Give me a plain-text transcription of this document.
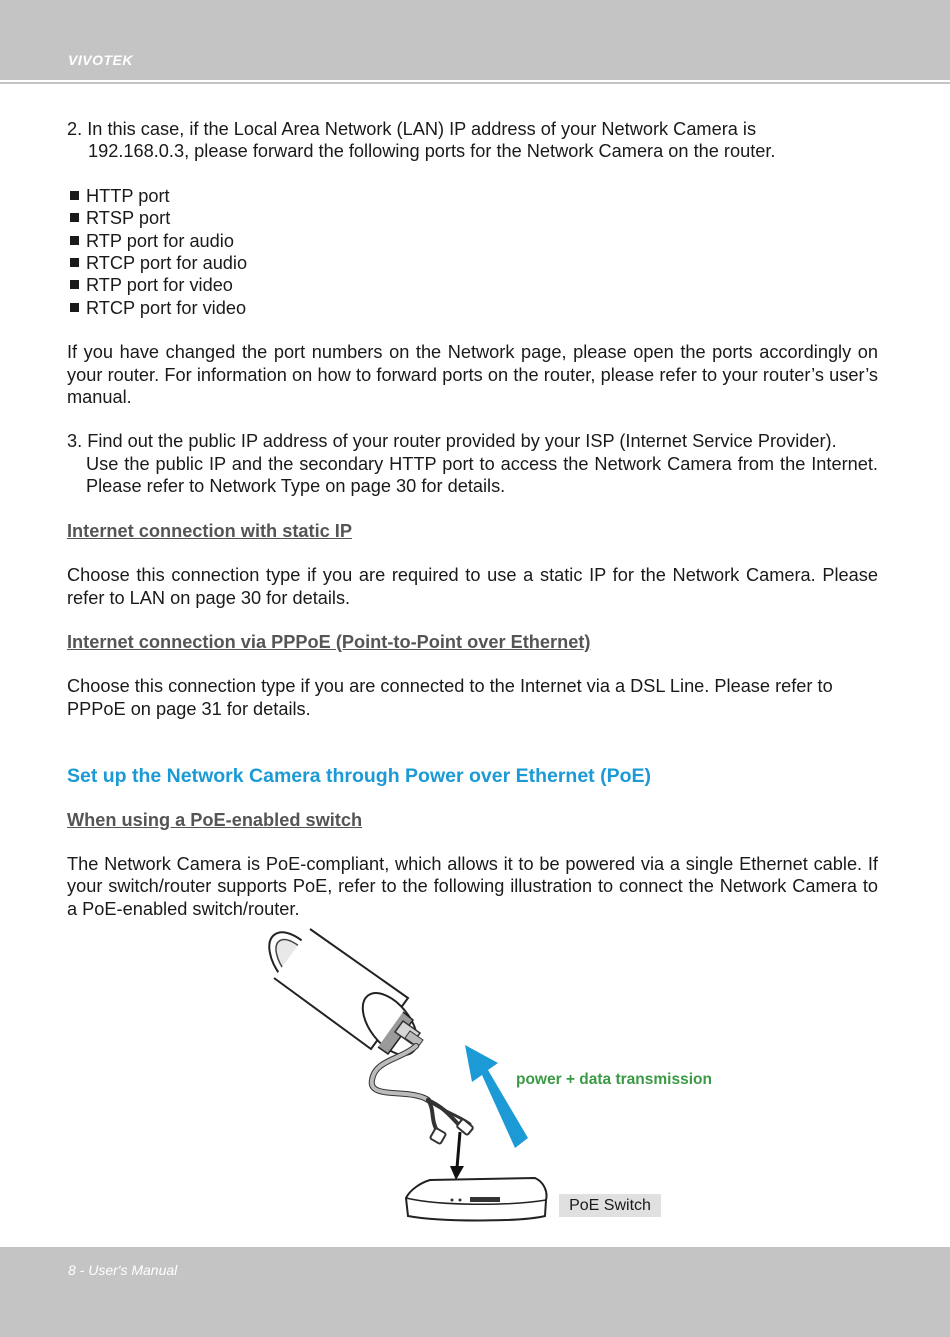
VIVOTEK

2. In this case, if the Local Area Network (LAN) IP address of your Network Camera is

192.168.0.3, please forward the following ports for the Network Camera on the router.

HTTP port
RTSP port
RTP port for audio
RTCP port for audio
RTP port for video
RTCP port for video

If you have changed the port numbers on the Network page, please open the ports accordingly on your router. For information on how to forward ports on the router, please refer to your router’s user’s manual.

3. Find out the public IP address of your router provided by your ISP (Internet Service Provider).

Use the public IP and the secondary HTTP port to access the Network Camera from the Internet. Please refer to Network Type on page 30 for details.

Internet connection with static IP

Choose this connection type if you are required to use a static IP for the Network Camera. Please refer to LAN on page 30 for details.

Internet connection via PPPoE (Point-to-Point over Ethernet)

Choose this connection type if you are connected to the Internet via a DSL Line. Please refer to PPPoE on page 31 for details.

Set up the Network Camera through Power over Ethernet (PoE)

When using a PoE-enabled switch

The Network Camera is PoE-compliant, which allows it to be powered via a single Ethernet cable. If your switch/router supports PoE, refer to the following illustration to connect the Network Camera to a PoE-enabled switch/router.

power + data transmission
PoE Switch
8 - User's Manual
